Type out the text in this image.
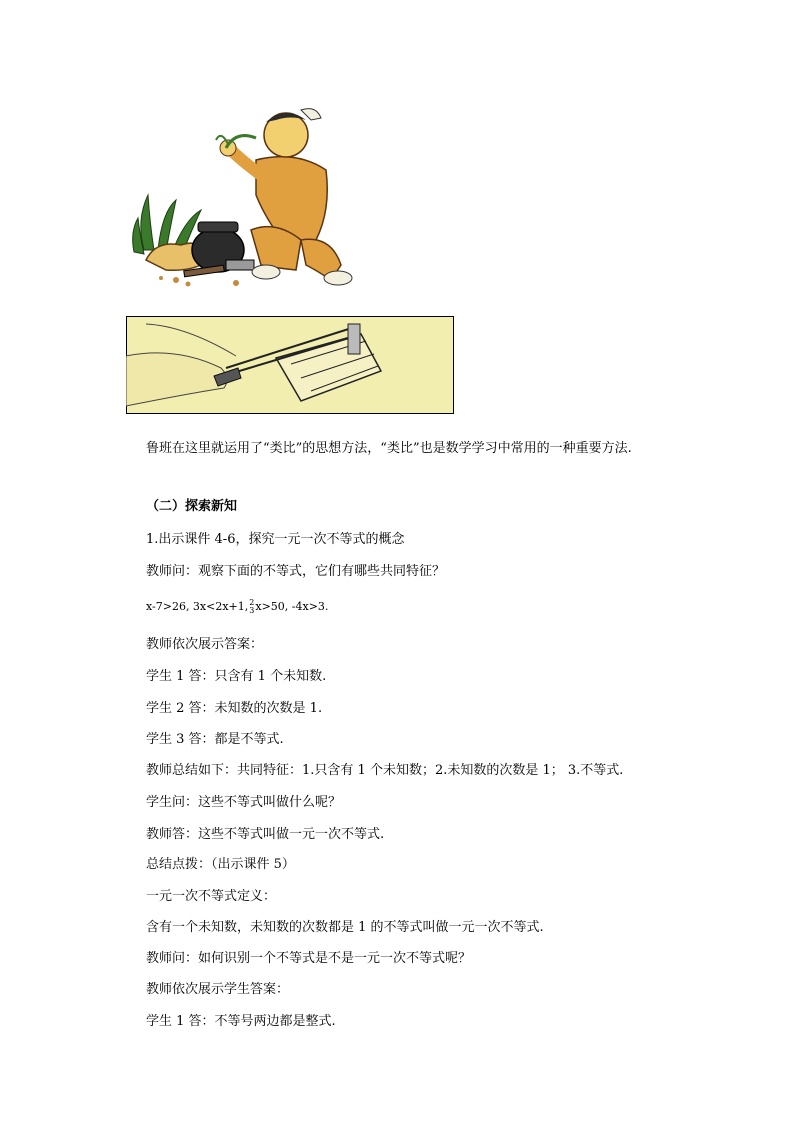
鲁班在这里就运用了“类比”的思想方法，“类比”也是数学学习中常用的一种重要方法.
（二）探索新知
1.出示课件 4-6，探究一元一次不等式的概念
教师问：观察下面的不等式，它们有哪些共同特征？
x-7>26, 3x<2x+1, 2
3 x>50, -4x>3.
教师依次展示答案：
学生 1 答：只含有 1 个未知数.
学生 2 答：未知数的次数是 1.
学生 3 答：都是不等式.
教师总结如下：共同特征：1.只含有 1 个未知数；2.未知数的次数是 1； 3.不等式.
学生问：这些不等式叫做什么呢？
教师答：这些不等式叫做一元一次不等式.
总结点拨：（出示课件 5）
一元一次不等式定义：
含有一个未知数，未知数的次数都是 1 的不等式叫做一元一次不等式.
教师问：如何识别一个不等式是不是一元一次不等式呢？
教师依次展示学生答案：
学生 1 答：不等号两边都是整式.
